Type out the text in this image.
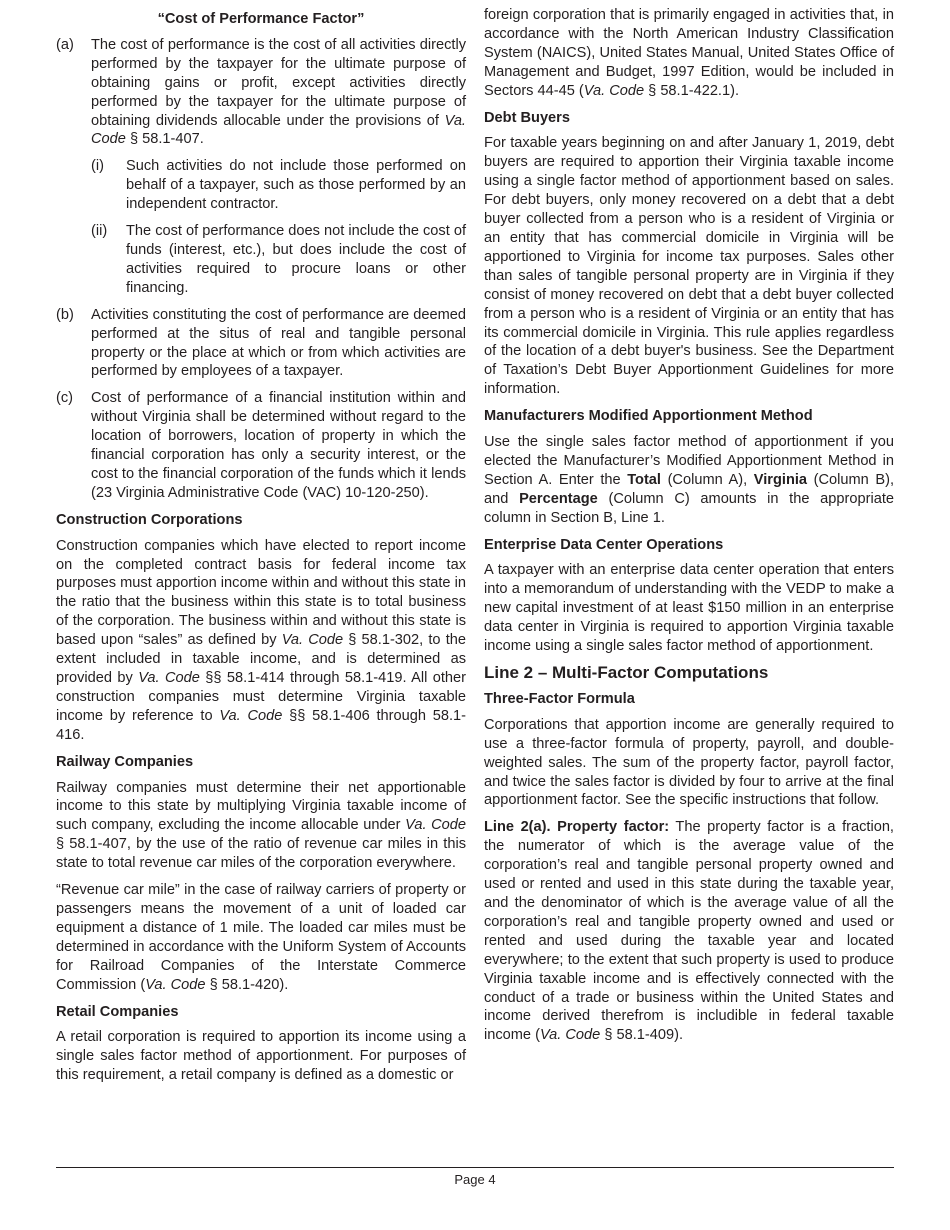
“Cost of Performance Factor”
(a) The cost of performance is the cost of all activities directly performed by the taxpayer for the ultimate purpose of obtaining gains or profit, except activities directly performed by the taxpayer for the ultimate purpose of obtaining dividends allocable under the provisions of Va. Code § 58.1-407.
(i) Such activities do not include those performed on behalf of a taxpayer, such as those performed by an independent contractor.
(ii) The cost of performance does not include the cost of funds (interest, etc.), but does include the cost of activities required to procure loans or other financing.
(b) Activities constituting the cost of performance are deemed performed at the situs of real and tangible personal property or the place at which or from which activities are performed by employees of a taxpayer.
(c) Cost of performance of a financial institution within and without Virginia shall be determined without regard to the location of borrowers, location of property in which the financial corporation has only a security interest, or the cost to the financial corporation of the funds which it lends (23 Virginia Administrative Code (VAC) 10-120-250).
Construction Corporations

Construction companies which have elected to report income on the completed contract basis for federal income tax purposes must apportion income within and without this state in the ratio that the business within this state is to total business of the corporation. The business within and without this state is based upon “sales” as defined by Va. Code § 58.1-302, to the extent included in taxable income, and is determined as provided by Va. Code §§ 58.1-414 through 58.1-419. All other construction companies must determine Virginia taxable income by reference to Va. Code §§ 58.1-406 through 58.1-416.

Railway Companies

Railway companies must determine their net apportionable income to this state by multiplying Virginia taxable income of such company, excluding the income allocable under Va. Code § 58.1-407, by the use of the ratio of revenue car miles in this state to total revenue car miles of the corporation everywhere.

“Revenue car mile” in the case of railway carriers of property or passengers means the movement of a unit of loaded car equipment a distance of 1 mile. The loaded car miles must be determined in accordance with the Uniform System of Accounts for Railroad Companies of the Interstate Commerce Commission (Va. Code § 58.1-420).

Retail Companies

A retail corporation is required to apportion its income using a single sales factor method of apportionment. For purposes of this requirement, a retail company is defined as a domestic or

foreign corporation that is primarily engaged in activities that, in accordance with the North American Industry Classification System (NAICS), United States Manual, United States Office of Management and Budget, 1997 Edition, would be included in Sectors 44-45 (Va. Code § 58.1-422.1).

Debt Buyers

For taxable years beginning on and after January 1, 2019, debt buyers are required to apportion their Virginia taxable income using a single factor method of apportionment based on sales. For debt buyers, only money recovered on a debt that a debt buyer collected from a person who is a resident of Virginia or an entity that has commercial domicile in Virginia will be apportioned to Virginia for income tax purposes. Sales other than sales of tangible personal property are in Virginia if they consist of money recovered on debt that a debt buyer collected from a person who is a resident of Virginia or an entity that has its commercial domicile in Virginia. This rule applies regardless of the location of a debt buyer's business. See the Department of Taxation’s Debt Buyer Apportionment Guidelines for more information.

Manufacturers Modified Apportionment Method

Use the single sales factor method of apportionment if you elected the Manufacturer’s Modified Apportionment Method in Section A. Enter the Total (Column A), Virginia (Column B), and Percentage (Column C) amounts in the appropriate column in Section B, Line 1.

Enterprise Data Center Operations

A taxpayer with an enterprise data center operation that enters into a memorandum of understanding with the VEDP to make a new capital investment of at least $150 million in an enterprise data center in Virginia is required to apportion Virginia taxable income using a single sales factor method of apportionment.

Line 2 – Multi-Factor Computations
Three-Factor Formula

Corporations that apportion income are generally required to use a three-factor formula of property, payroll, and double-weighted sales. The sum of the property factor, payroll factor, and twice the sales factor is divided by four to arrive at the final apportionment factor. See the specific instructions that follow.

Line 2(a). Property factor: The property factor is a fraction, the numerator of which is the average value of the corporation’s real and tangible personal property owned and used or rented and used in this state during the taxable year, and the denominator of which is the average value of all the corporation’s real and tangible property owned and used or rented and used during the taxable year and located everywhere; to the extent that such property is used to produce Virginia taxable income and is effectively connected with the conduct of a trade or business within the United States and income derived therefrom is includible in federal taxable income (Va. Code § 58.1-409).

Page 4
